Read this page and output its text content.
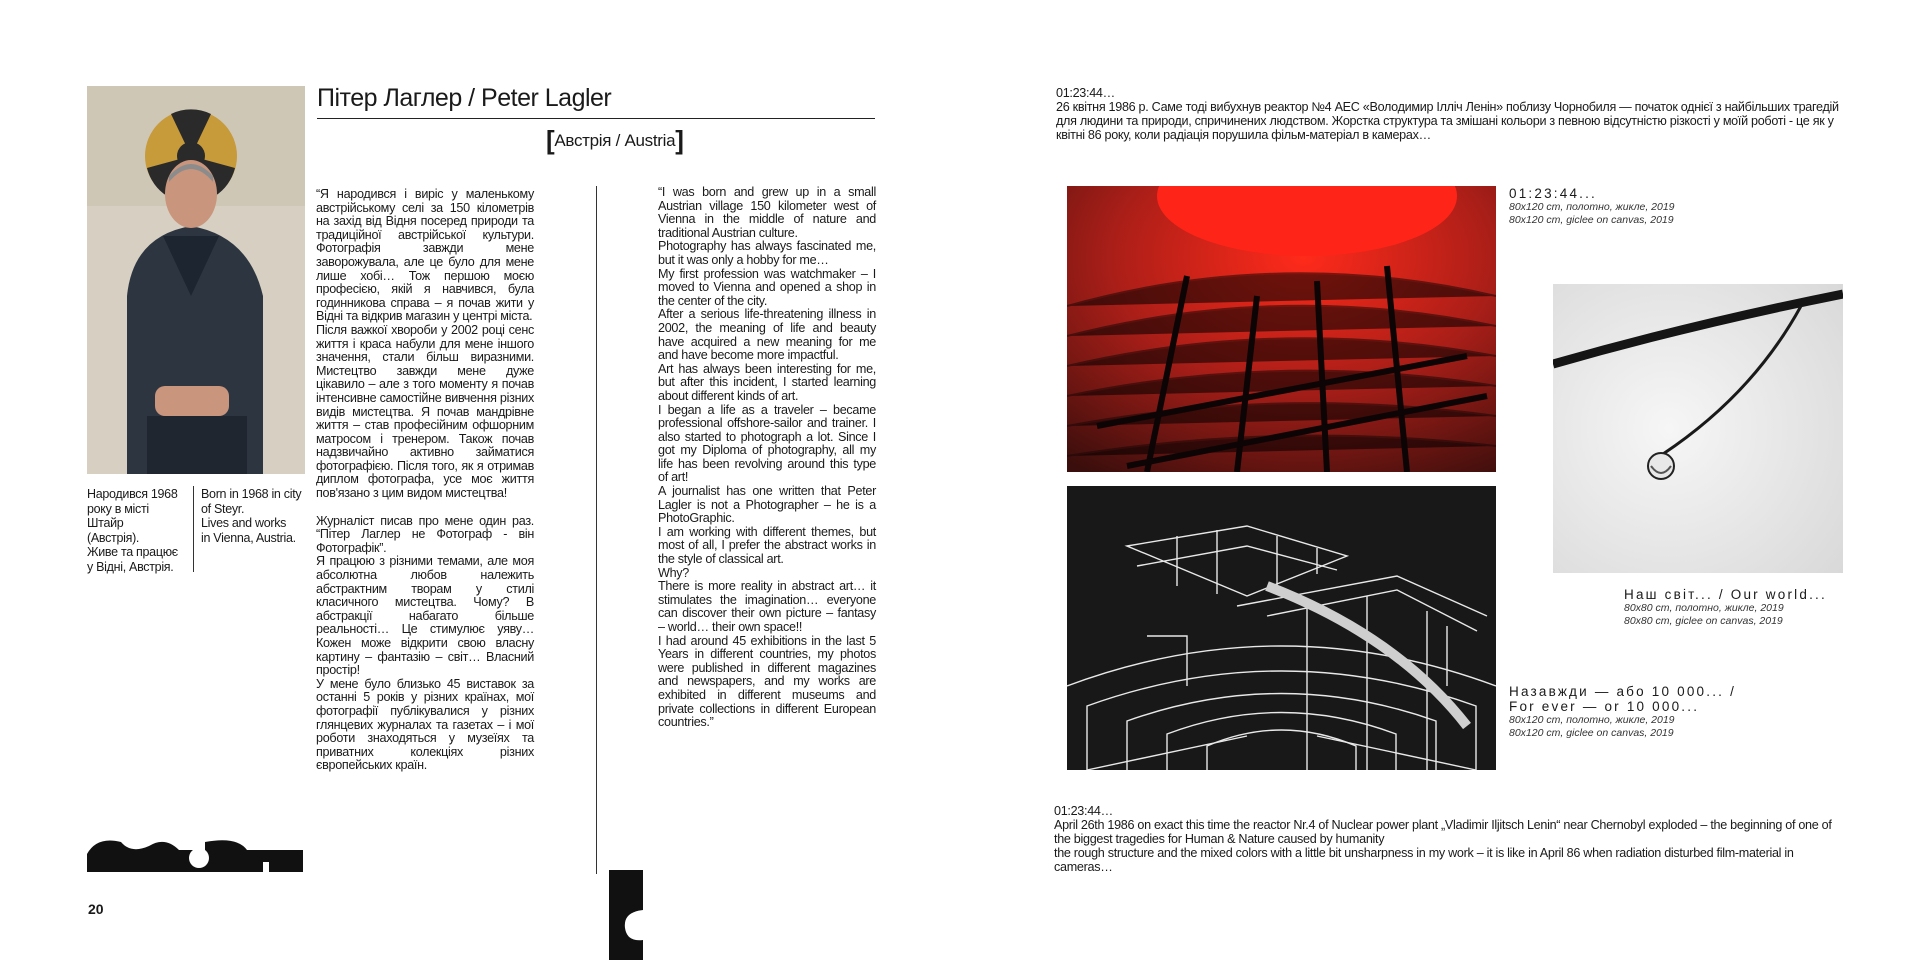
Пітер Лаглер / Peter Lagler
[Австрія / Austria]
Народився 1968
року в місті Штайр
(Австрія).
Живе та працює
у Відні, Австрія.
Born in 1968 in city
of Steyr.
Lives and works
in Vienna, Austria.

“Я народився і виріс у маленькому австрійському селі за 150 кілометрів на захід від Відня посеред природи та традиційної австрійської культури. Фотографія завжди мене заворожувала, але це було для мене лише хобі… Тож першою моєю професією, якій я навчився, була годинникова справа – я почав жити у Відні та відкрив магазин у центрі міста.

Після важкої хвороби у 2002 році сенс життя і краса набули для мене іншого значення, стали більш виразними. Мистецтво завжди мене дуже цікавило – але з того моменту я почав інтенсивне самостійне вивчення різних видів мистецтва. Я почав мандрівне життя – став професійним офшорним матросом і тренером. Також почав надзвичайно активно займатися фотографією. Після того, як я отримав диплом фотографа, усе моє життя пов'язано з цим видом мистецтва!

Журналіст писав про мене один раз. “Пітер Лаглер не Фотограф - він Фотографік”.

Я працюю з різними темами, але моя абсолютна любов належить абстрактним творам у стилі класичного мистецтва. Чому? В абстракції набагато більше реальності… Це стимулює уяву… Кожен може відкрити свою власну картину – фантазію – світ… Власний простір!

У мене було близько 45 виставок за останні 5 років у різних країнах, мої фотографії публікувалися у різних глянцевих журналах та газетах – і мої роботи знаходяться у музеїях та приватних колекціях різних європейських країн.

“I was born and grew up in a small Austrian village 150 kilometer west of Vienna in the middle of nature and traditional Austrian culture.

Photography has always fascinated me, but it was only a hobby for me…

My first profession was watchmaker – I moved to Vienna and opened a shop in the center of the city.

After a serious life-threatening illness in 2002, the meaning of life and beauty have acquired a new meaning for me and have become more impactful.

Art has always been interesting for me, but after this incident, I started learning about different kinds of art.

I began a life as a traveler – became professional offshore-sailor and trainer. I also started to photograph a lot. Since I got my Diploma of photography, all my life has been revolving around this type of art!

A journalist has one written that Peter Lagler is not a Photographer – he is a PhotoGraphic.

I am working with different themes, but most of all, I prefer the abstract works in the style of classical art.

Why?

There is more reality in abstract art… it stimulates the imagination… everyone can discover their own picture – fantasy – world… their own space!!

I had around 45 exhibitions in the last 5 Years in different countries, my photos were published in different magazines and newspapers, and my works are exhibited in different museums and private collections in different European countries.”

20
01:23:44…
26 квітня 1986 р. Саме тоді вибухнув реактор №4 АЕС «Володимир Ілліч Ленін» поблизу Чорнобиля — початок однієї з найбільших трагедій для людини та природи, спричинених людством. Жорстка структура та змішані кольори з певною відсутністю різкості у моїй роботі - це як у квітні 86 року, коли радіація порушила фільм-матеріал в камерах…
01:23:44...
80x120 cm, полотно, жикле, 2019
80x120 cm, giclee on canvas, 2019
Наш світ... / Our world...
80x80 cm, полотно, жикле, 2019
80x80 cm, giclee on canvas, 2019
Назавжди — або 10 000... /
For ever — or 10 000...
80x120 cm, полотно, жикле, 2019
80x120 cm, giclee on canvas, 2019
01:23:44…
April 26th 1986 on exact this time the reactor Nr.4 of Nuclear power plant „Vladimir Iljitsch Lenin“ near Chernobyl exploded – the beginning of one of the biggest tragedies for Human & Nature caused by humanity
the rough structure and the mixed colors with a little bit unsharpness in my work – it is like in April 86 when radiation disturbed film-material in cameras…
